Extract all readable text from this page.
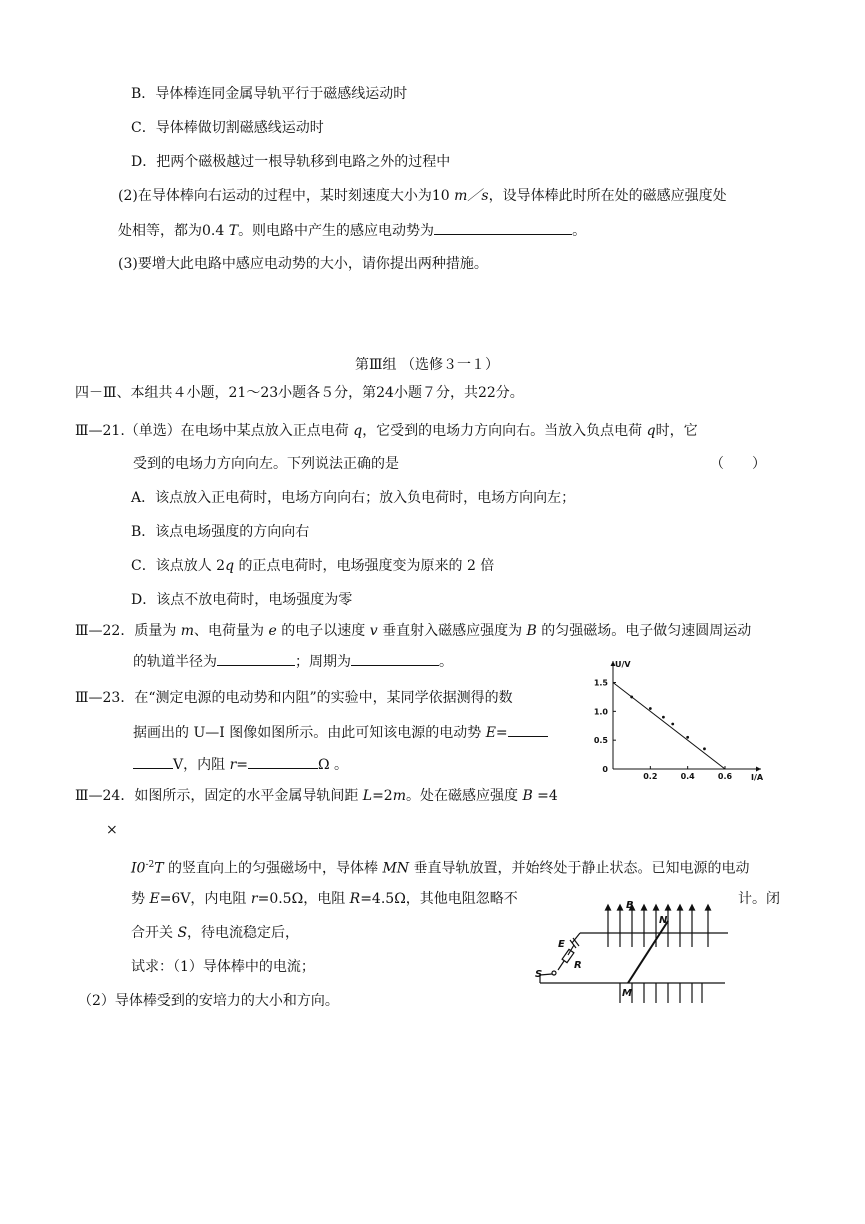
B．导体棒连同金属导轨平行于磁感线运动时
C．导体棒做切割磁感线运动时
D．把两个磁极越过一根导轨移到电路之外的过程中
(2)在导体棒向右运动的过程中，某时刻速度大小为10 m／s，设导体棒此时所在处的磁感应强度处
处相等，都为0.4 T。则电路中产生的感应电动势为	。
(3)要增大此电路中感应电动势的大小，请你提出两种措施。
第Ⅲ组 （选修３一１）
四－Ⅲ、本组共４小题，21～23小题各５分，第24小题７分，共22分。
Ⅲ—21.（单选）在电场中某点放入正点电荷 q，它受到的电场力方向向右。当放入负点电荷 q时，它
受到的电场力方向向左。下列说法正确的是	（　　）
A．该点放入正电荷时，电场方向向右；放入负电荷时，电场方向向左；
B．该点电场强度的方向向右
C．该点放人 2q 的正点电荷时，电场强度变为原来的 2 倍
D．该点不放电荷时，电场强度为零
Ⅲ—22．质量为 m、电荷量为 e 的电子以速度 v 垂直射入磁感应强度为 B 的匀强磁场。电子做匀速圆周运动
的轨道半径为	；周期为	。
Ⅲ—23．在“测定电源的电动势和内阻”的实验中，某同学依据测得的数
据画出的 U—I 图像如图所示。由此可知该电源的电动势 E=
V，内阻 r=	Ω 。
U/V
I/A
0.2	0.4	0.6
0
0.5
1.0
1.5
Ⅲ—24．如图所示，固定的水平金属导轨间距 L=2m。处在磁感应强度 B =4
×
$I0^{-2}T$ 的竖直向上的匀强磁场中，导体棒 MN 垂直导轨放置，并始终处于静止状态。已知电源的电动
势 E=6V，内电阻 r=0.5Ω，电阻 R=4.5Ω，其他电阻忽略不	计。闭
合开关 S，待电流稳定后，
试求：（1）导体棒中的电流；
（2）导体棒受到的安培力的大小和方向。
B
N
M
E
R
S
